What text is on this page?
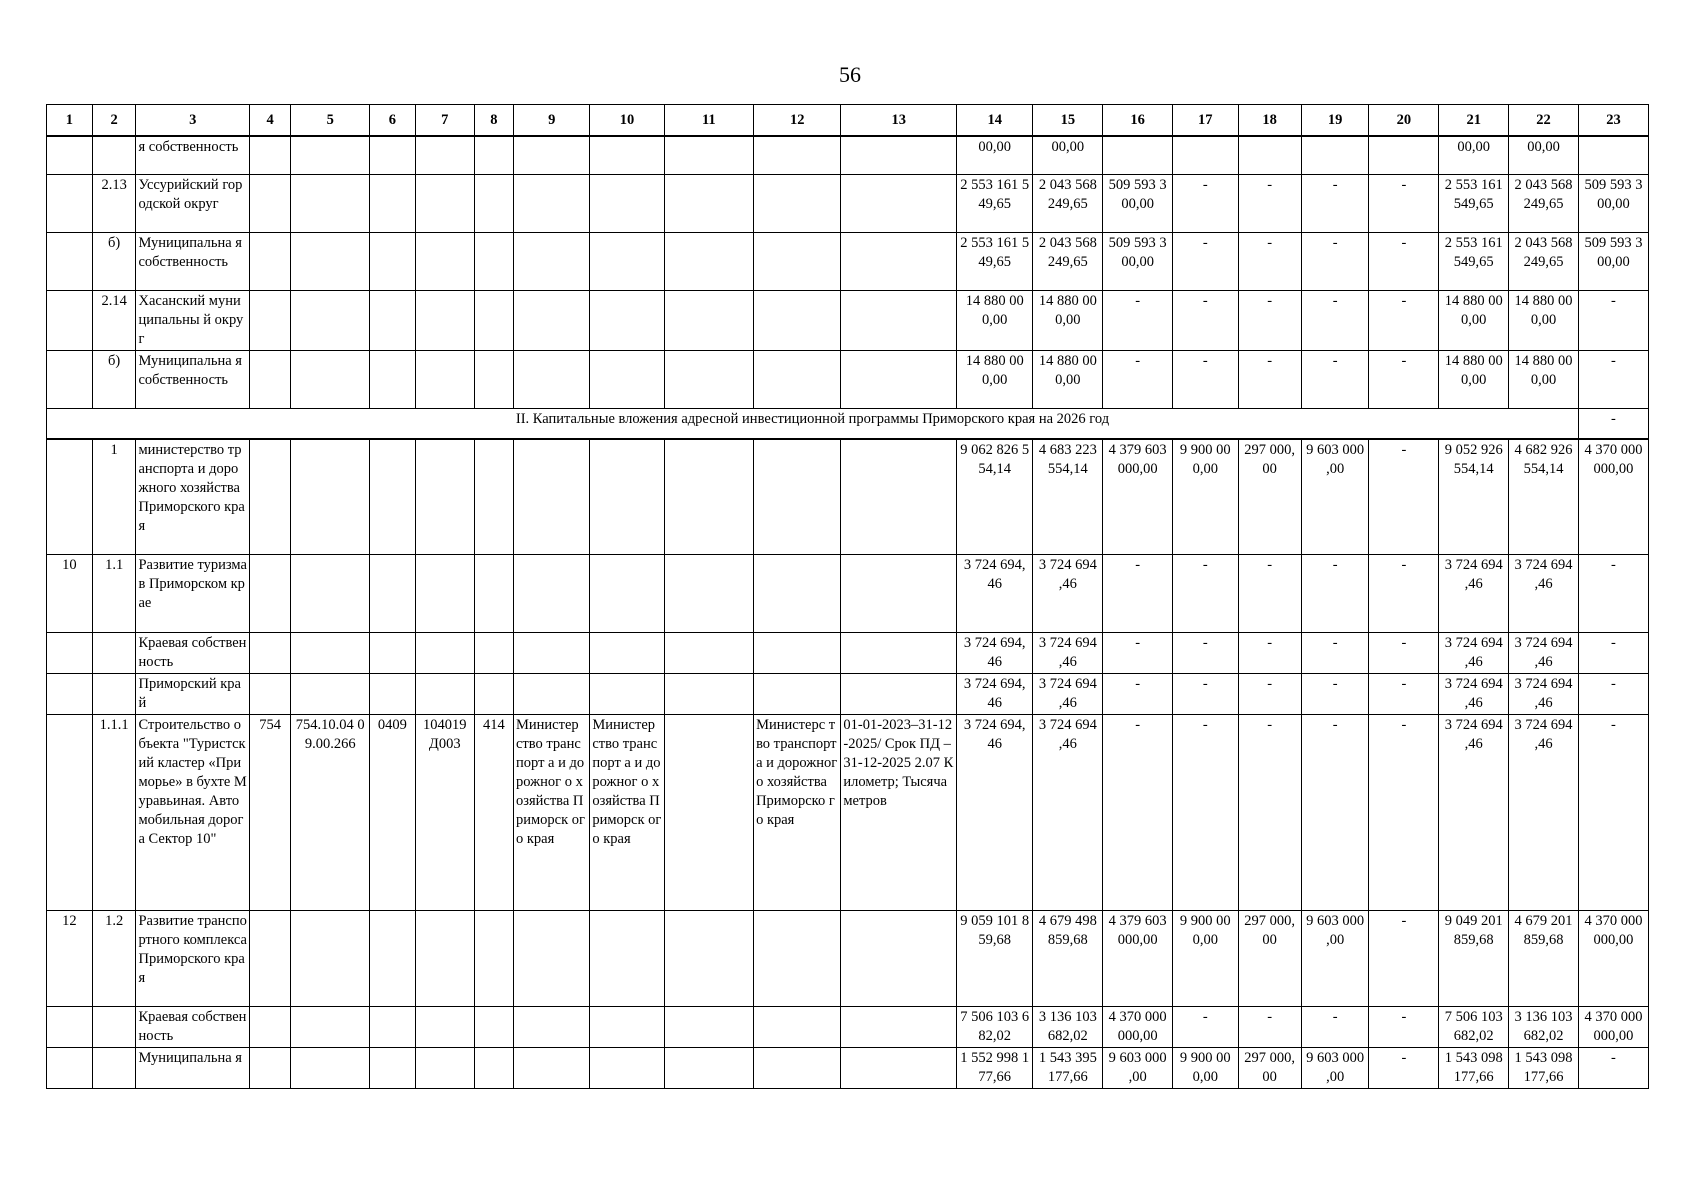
56
1	2	3	4	5	6	7	8	9	10	11	12	13	14	15	16	17	18	19	20	21	22	23
		я собственность											00,00	00,00						00,00	00,00	
	2.13	Уссурийский городской округ											2 553 161 549,65	2 043 568 249,65	509 593 3 00,00	-	-	-	-	2 553 161 549,65	2 043 568 249,65	509 593 3 00,00
	б)	Муниципальна я собственность											2 553 161 549,65	2 043 568 249,65	509 593 3 00,00	-	-	-	-	2 553 161 549,65	2 043 568 249,65	509 593 3 00,00
	2.14	Хасанский муниципальны й округ											14 880 00 0,00	14 880 00 0,00	-	-	-	-	-	14 880 00 0,00	14 880 00 0,00	-
	б)	Муниципальна я собственность											14 880 00 0,00	14 880 00 0,00	-	-	-	-	-	14 880 00 0,00	14 880 00 0,00	-
II. Капитальные вложения адресной инвестиционной программы Приморского края на 2026 год																						-
	1	министерство транспорта и дорожного хозяйства Приморского края											9 062 826 554,14	4 683 223 554,14	4 379 603 000,00	9 900 00 0,00	297 000, 00	9 603 000 ,00	-	9 052 926 554,14	4 682 926 554,14	4 370 000 000,00
10	1.1	Развитие туризма в Приморском крае											3 724 694, 46	3 724 694 ,46	-	-	-	-	-	3 724 694 ,46	3 724 694 ,46	-
		Краевая собственность											3 724 694, 46	3 724 694 ,46	-	-	-	-	-	3 724 694 ,46	3 724 694 ,46	-
		Приморский край											3 724 694, 46	3 724 694 ,46	-	-	-	-	-	3 724 694 ,46	3 724 694 ,46	-
	1.1.1	Строительство объекта "Туристский кластер «Приморье» в бухте Муравьиная. Автомобильная дорога Сектор 10"	754	754.10.04 09.00.266	0409	104019 Д003	414	Министер ство транспорт а и дорожног о хозяйства Приморск ого края	Министер ство транспорт а и дорожног о хозяйства Приморск ого края		Министерс тво транспорта и дорожного хозяйства Приморско го края	01-01-2023–31-12-2025/ Срок ПД – 31-12-2025 2.07 Километр; Тысяча метров	3 724 694, 46	3 724 694 ,46	-	-	-	-	-	3 724 694 ,46	3 724 694 ,46	-
12	1.2	Развитие транспортного комплекса Приморского края											9 059 101 859,68	4 679 498 859,68	4 379 603 000,00	9 900 00 0,00	297 000, 00	9 603 000 ,00	-	9 049 201 859,68	4 679 201 859,68	4 370 000 000,00
		Краевая собственность											7 506 103 682,02	3 136 103 682,02	4 370 000 000,00	-	-	-	-	7 506 103 682,02	3 136 103 682,02	4 370 000 000,00
		Муниципальна я											1 552 998 177,66	1 543 395 177,66	9 603 000 ,00	9 900 00 0,00	297 000, 00	9 603 000 ,00	-	1 543 098 177,66	1 543 098 177,66	-
